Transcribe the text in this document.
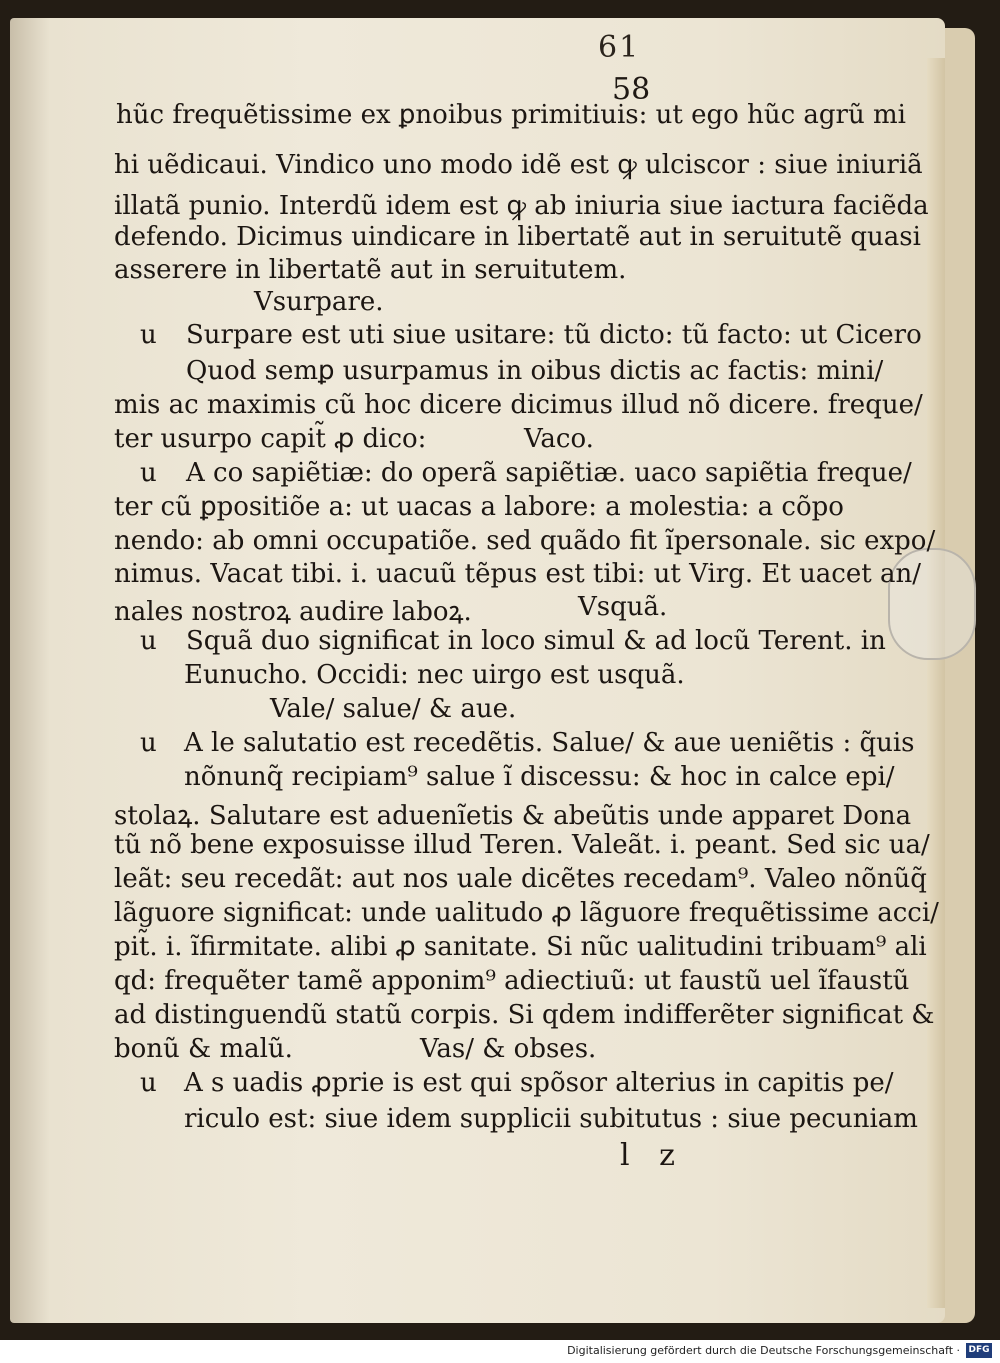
61
58
hũc frequẽtissime ex ꝑnoibus primitiuis: ut ego hũc agrũ mi
hi uẽdicaui. Vindico uno modo idẽ est ꝙ ulciscor : siue iniuriã
illatã punio. Interdũ idem est ꝙ ab iniuria siue iactura faciẽda
defendo. Dicimus uindicare in libertatẽ aut in seruitutẽ quasi
asserere in libertatẽ aut in seruitutem.
Vsurpare.
u Surpare est uti siue usitare: tũ dicto: tũ facto: ut Cicero
Quod semꝑ usurpamus in oibus dictis ac factis: mini/
mis ac maximis cũ hoc dicere dicimus illud nõ dicere. freque/
ter usurpo capit̃ ꝓ dico:	Vaco.
u A co sapiẽtiæ: do operã sapiẽtiæ. uaco sapiẽtia freque/
ter cũ ꝑpositiõe a: ut uacas a labore: a molestia: a cõpo
nendo: ab omni occupatiõe. sed quãdo fit ĩpersonale. sic expo/
nimus. Vacat tibi. i. uacuũ tẽpus est tibi: ut Virg. Et uacet an/
nales nostroꝝ audire laboꝝ.	Vsquã.
u Squã duo significat in loco simul & ad locũ Terent. in
Eunucho. Occidi: nec uirgo est usquã.
Vale/ salue/ & aue.
u A le salutatio est recedẽtis. Salue/ & aue ueniẽtis : q̃uis
nõnunq̃ recipiam⁹ salue ĩ discessu: & hoc in calce epi/
stolaꝝ. Salutare est aduenĩetis & abeũtis unde apparet Dona
tũ nõ bene exposuisse illud Teren. Valeãt. i. peant. Sed sic ua/
leãt: seu recedãt: aut nos uale dicẽtes recedam⁹. Valeo nõnũq̃
lãguore significat: unde ualitudo ꝓ lãguore frequẽtissime acci/
pit̃. i. ĩfirmitate. alibi ꝓ sanitate. Si nũc ualitudini tribuam⁹ ali
qd: frequẽter tamẽ apponim⁹ adiectiuũ: ut faustũ uel ĩfaustũ
ad distinguendũ statũ corpis. Si qdem indifferẽter significat &
bonũ & malũ.	Vas/ & obses.
u A s uadis ꝓprie is est qui spõsor alterius in capitis pe/
riculo est: siue idem supplicii subitutus : siue pecuniam
l z
Digitalisierung gefördert durch die Deutsche Forschungsgemeinschaft · DFG
